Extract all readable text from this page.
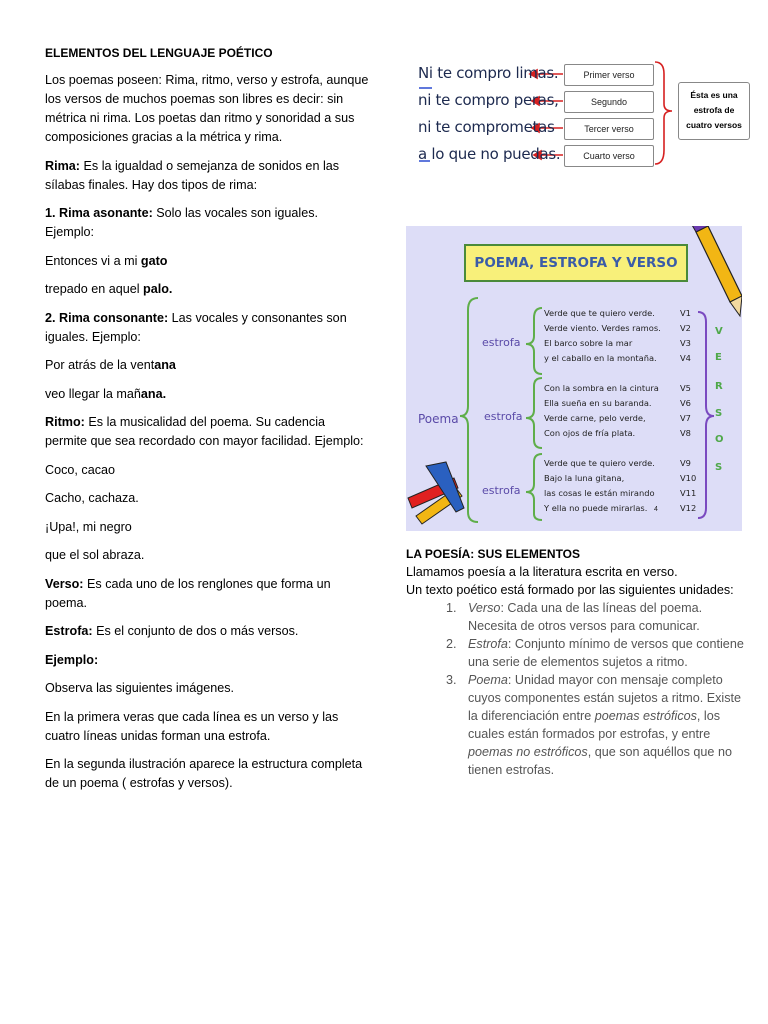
ELEMENTOS DEL LENGUAJE POÉTICO

Los poemas poseen: Rima, ritmo, verso y estrofa, aunque los versos de muchos poemas son libres es decir: sin métrica ni rima. Los poetas dan ritmo y sonoridad a sus composiciones gracias a la métrica y rima.

Rima: Es la igualdad o semejanza de sonidos en las sílabas finales. Hay dos tipos de rima:

1. Rima asonante: Solo las vocales son iguales. Ejemplo:

Entonces vi a mi gato

trepado en aquel palo.

2. Rima consonante: Las vocales y consonantes son iguales. Ejemplo:

Por atrás de la ventana

veo llegar la mañana.

Ritmo: Es la musicalidad del poema. Su cadencia permite que sea recordado con mayor facilidad. Ejemplo:

Coco, cacao

Cacho, cachaza.

¡Upa!, mi negro

que el sol abraza.

Verso: Es cada uno de los renglones que forma un poema.

Estrofa: Es el conjunto de dos o más versos.

Ejemplo:

Observa las siguientes imágenes.

En la primera veras que cada línea es un verso y las cuatro líneas unidas forman una estrofa.

En la segunda ilustración aparece la estructura completa de un poema ( estrofas y versos).

Ni te compro limas.
ni te compro peras,
ni te comprometas
a lo que no puedas.
Primer verso
Segundo
Tercer verso
Cuarto verso
Ésta es una
estrofa de
cuatro versos
POEMA, ESTROFA Y VERSO
Poema
estrofa
estrofa
estrofa
Verde que te quiero verde.
Verde viento. Verdes ramos.
El barco sobre la mar
y el caballo en la montaña.
Con la sombra en la cintura
Ella sueña en su baranda.
Verde carne, pelo verde,
Con ojos de fría plata.
Verde que te quiero verde.
Bajo la luna gitana,
las cosas le están mirando
Y ella no puede mirarlas.
V1
V2
V3
V4
V5
V6
V7
V8
V9
V10
V11
V12
V
E
R
S
O
S
4
LA POESÍA: SUS ELEMENTOS
Llamamos poesía a la literatura escrita en verso.
Un texto poético está formado por las siguientes unidades:
1. Verso: Cada una de las líneas del poema. Necesita de otros versos para comunicar.
2. Estrofa: Conjunto mínimo de versos que contiene una serie de elementos sujetos a ritmo.
3. Poema: Unidad mayor con mensaje completo cuyos componentes están sujetos a ritmo. Existe la diferenciación entre poemas estróficos, los cuales están formados por estrofas, y entre poemas no estróficos, que son aquéllos que no tienen estrofas.
